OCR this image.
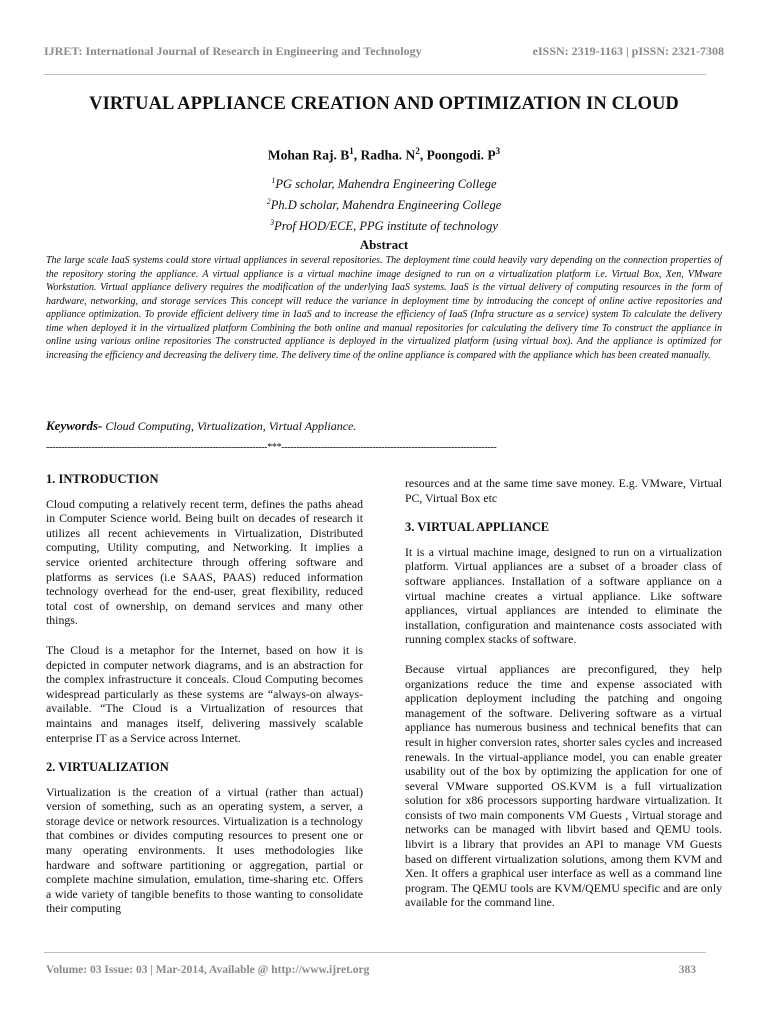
IJRET: International Journal of Research in Engineering and Technology	eISSN: 2319-1163 | pISSN: 2321-7308
VIRTUAL APPLIANCE CREATION AND OPTIMIZATION IN CLOUD
Mohan Raj. $B^1$, Radha. $N^2$, Poongodi. $P^3$
$^1$PG scholar, Mahendra Engineering College
$^2$Ph.D scholar, Mahendra Engineering College
$^3$Prof HOD/ECE, PPG institute of technology
Abstract
The large scale IaaS systems could store virtual appliances in several repositories. The deployment time could heavily vary depending on the connection properties of the repository storing the appliance. A virtual appliance is a virtual machine image designed to run on a virtualization platform i.e. Virtual Box, Xen, VMware Workstation. Virtual appliance delivery requires the modification of the underlying IaaS systems. IaaS is the virtual delivery of computing resources in the form of hardware, networking, and storage services This concept will reduce the variance in deployment time by introducing the concept of online active repositories and appliance optimization. To provide efficient delivery time in IaaS and to increase the efficiency of IaaS (Infra structure as a service) system To calculate the delivery time when deployed it in the virtualized platform Combining the both online and manual repositories for calculating the delivery time To construct the appliance in online using various online repositories The constructed appliance is deployed in the virtualized platform (using virtual box). And the appliance is optimized for increasing the efficiency and decreasing the delivery time. The delivery time of the online appliance is compared with the appliance which has been created manually.
Keywords- Cloud Computing, Virtualization, Virtual Appliance.
-------------------------------------------------------------------------***-----------------------------------------------------------------------
1. INTRODUCTION

Cloud computing a relatively recent term, defines the paths ahead in Computer Science world. Being built on decades of research it utilizes all recent achievements in Virtualization, Distributed computing, Utility computing, and Networking. It implies a service oriented architecture through offering software and platforms as services (i.e SAAS, PAAS) reduced information technology overhead for the end-user, great flexibility, reduced total cost of ownership, on demand services and many other things.

The Cloud is a metaphor for the Internet, based on how it is depicted in computer network diagrams, and is an abstraction for the complex infrastructure it conceals. Cloud Computing becomes widespread particularly as these systems are “always-on always-available. “The Cloud is a Virtualization of resources that maintains and manages itself, delivering massively scalable enterprise IT as a Service across Internet.

2. VIRTUALIZATION

Virtualization is the creation of a virtual (rather than actual) version of something, such as an operating system, a server, a storage device or network resources. Virtualization is a technology that combines or divides computing resources to present one or many operating environments. It uses methodologies like hardware and software partitioning or aggregation, partial or complete machine simulation, emulation, time-sharing etc. Offers a wide variety of tangible benefits to those wanting to consolidate their computing

resources and at the same time save money. E.g. VMware, Virtual PC, Virtual Box etc

3. VIRTUAL APPLIANCE

It is a virtual machine image, designed to run on a virtualization platform. Virtual appliances are a subset of a broader class of software appliances. Installation of a software appliance on a virtual machine creates a virtual appliance. Like software appliances, virtual appliances are intended to eliminate the installation, configuration and maintenance costs associated with running complex stacks of software.

Because virtual appliances are preconfigured, they help organizations reduce the time and expense associated with application deployment including the patching and ongoing management of the software. Delivering software as a virtual appliance has numerous business and technical benefits that can result in higher conversion rates, shorter sales cycles and increased renewals. In the virtual-appliance model, you can enable greater usability out of the box by optimizing the application for one of several VMware supported OS.KVM is a full virtualization solution for x86 processors supporting hardware virtualization. It consists of two main components VM Guests , Virtual storage and networks can be managed with libvirt based and QEMU tools. libvirt is a library that provides an API to manage VM Guests based on different virtualization solutions, among them KVM and Xen. It offers a graphical user interface as well as a command line program. The QEMU tools are KVM/QEMU specific and are only available for the command line.

Volume: 03 Issue: 03 | Mar-2014, Available @ http://www.ijret.org	383
